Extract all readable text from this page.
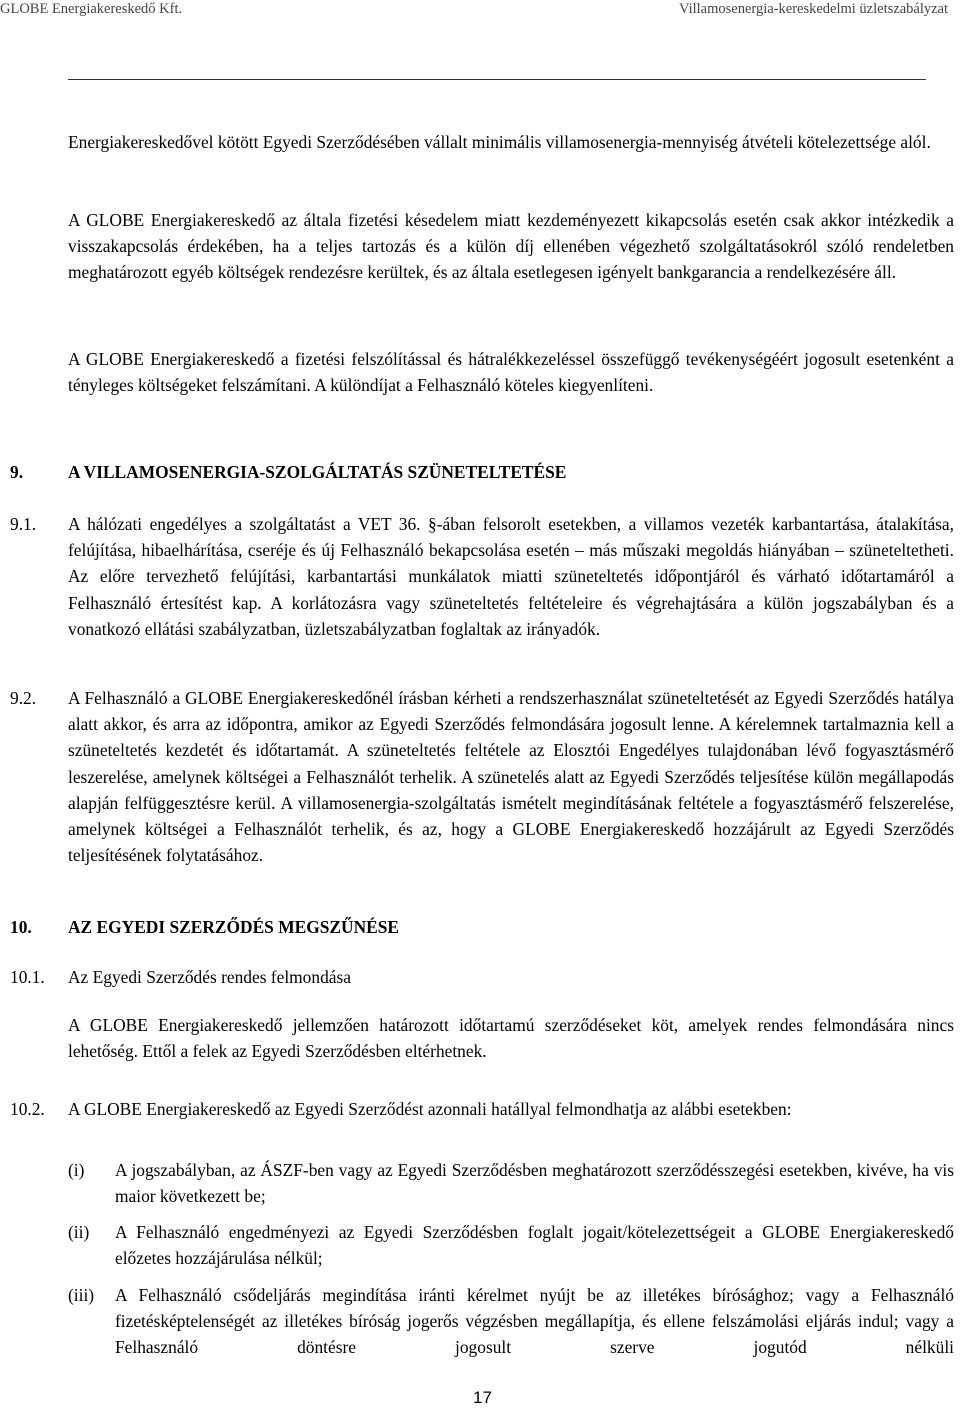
GLOBE Energiakereskedő Kft.	Villamosenergia-kereskedelmi üzletszabályzat
Energiakereskedővel kötött Egyedi Szerződésében vállalt minimális villamosenergia-mennyiség átvételi kötelezettsége alól.
A GLOBE Energiakereskedő az általa fizetési késedelem miatt kezdeményezett kikapcsolás esetén csak akkor intézkedik a visszakapcsolás érdekében, ha a teljes tartozás és a külön díj ellenében végezhető szolgáltatásokról szóló rendeletben meghatározott egyéb költségek rendezésre kerültek, és az általa esetlegesen igényelt bankgarancia a rendelkezésére áll.
A GLOBE Energiakereskedő a fizetési felszólítással és hátralékkezeléssel összefüggő tevékenységéért jogosult esetenként a tényleges költségeket felszámítani. A különdíjat a Felhasználó köteles kiegyenlíteni.
9.	A VILLAMOSENERGIA-SZOLGÁLTATÁS SZÜNETELTETÉSE
9.1. A hálózati engedélyes a szolgáltatást a VET 36. §-ában felsorolt esetekben, a villamos vezeték karbantartása, átalakítása, felújítása, hibaelhárítása, cseréje és új Felhasználó bekapcsolása esetén – más műszaki megoldás hiányában – szüneteltetheti. Az előre tervezhető felújítási, karbantartási munkálatok miatti szüneteltetés időpontjáról és várható időtartamáról a Felhasználó értesítést kap. A korlátozásra vagy szüneteltetés feltételeire és végrehajtására a külön jogszabályban és a vonatkozó ellátási szabályzatban, üzletszabályzatban foglaltak az irányadók.
9.2. A Felhasználó a GLOBE Energiakereskedőnél írásban kérheti a rendszerhasználat szüneteltetését az Egyedi Szerződés hatálya alatt akkor, és arra az időpontra, amikor az Egyedi Szerződés felmondására jogosult lenne. A kérelemnek tartalmaznia kell a szüneteltetés kezdetét és időtartamát. A szüneteltetés feltétele az Elosztói Engedélyes tulajdonában lévő fogyasztásmérő leszerelése, amelynek költségei a Felhasználót terhelik. A szünetelés alatt az Egyedi Szerződés teljesítése külön megállapodás alapján felfüggesztésre kerül. A villamosenergia-szolgáltatás ismételt megindításának feltétele a fogyasztásmérő felszerelése, amelynek költségei a Felhasználót terhelik, és az, hogy a GLOBE Energiakereskedő hozzájárult az Egyedi Szerződés teljesítésének folytatásához.
10. AZ EGYEDI SZERZŐDÉS MEGSZŰNÉSE
10.1. Az Egyedi Szerződés rendes felmondása
A GLOBE Energiakereskedő jellemzően határozott időtartamú szerződéseket köt, amelyek rendes felmondására nincs lehetőség. Ettől a felek az Egyedi Szerződésben eltérhetnek.
10.2. A GLOBE Energiakereskedő az Egyedi Szerződést azonnali hatállyal felmondhatja az alábbi esetekben:
(i) A jogszabályban, az ÁSZF-ben vagy az Egyedi Szerződésben meghatározott szerződésszegési esetekben, kivéve, ha vis maior következett be;
(ii) A Felhasználó engedményezi az Egyedi Szerződésben foglalt jogait/kötelezettségeit a GLOBE Energiakereskedő előzetes hozzájárulása nélkül;
(iii) A Felhasználó csődeljárás megindítása iránti kérelmet nyújt be az illetékes bírósághoz; vagy a Felhasználó fizetésképtelenségét az illetékes bíróság jogerős végzésben megállapítja, és ellene felszámolási eljárás indul; vagy a Felhasználó döntésre jogosult szerve jogutód nélküli
17
